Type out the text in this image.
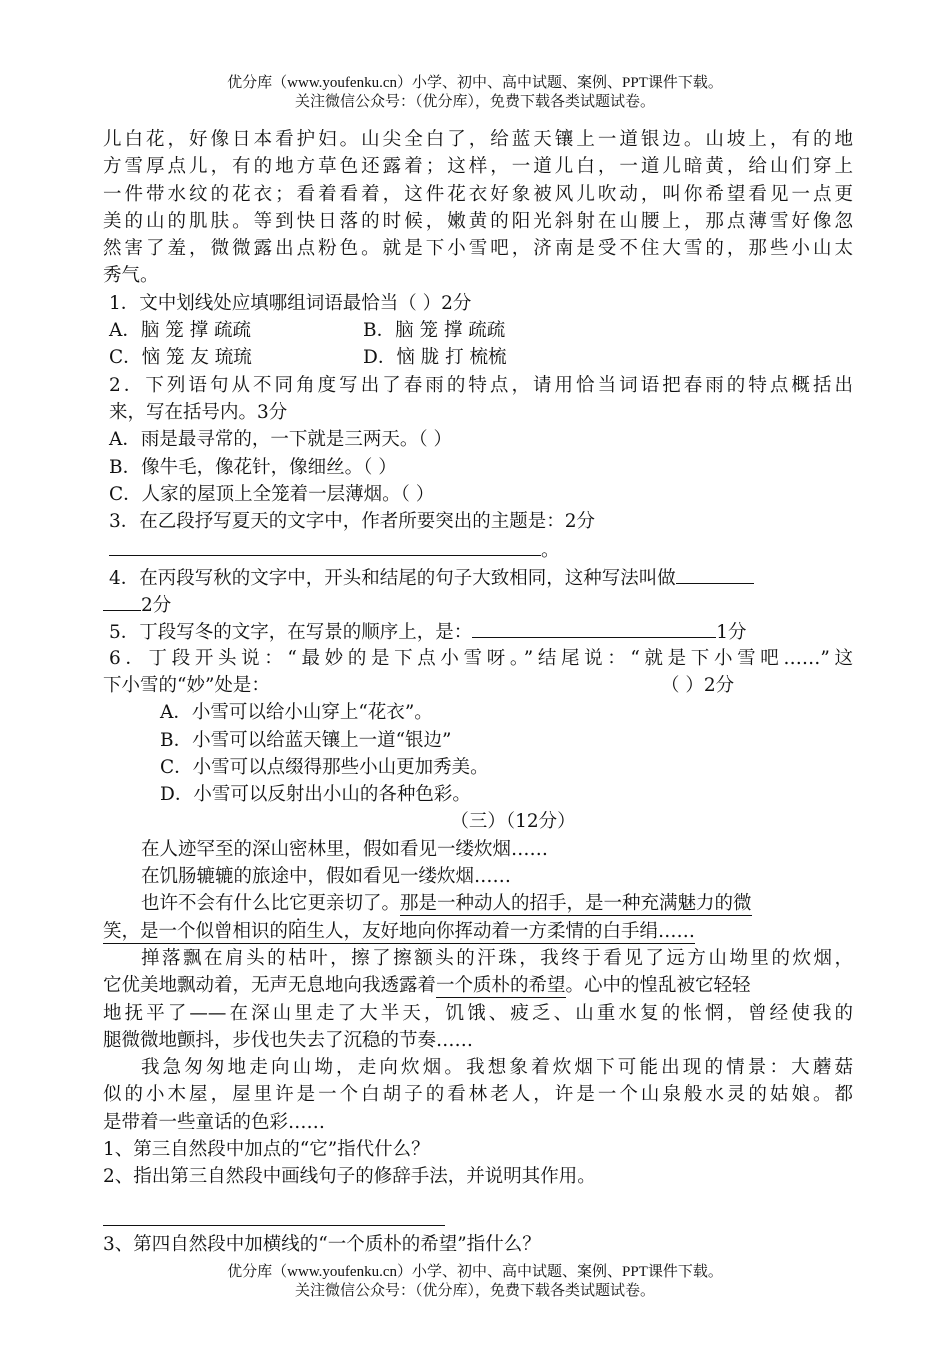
优分库（www.youfenku.cn）小学、初中、高中试题、案例、PPT课件下载。
关注微信公众号：（优分库），免费下载各类试题试卷。
儿白花，好像日本看护妇。山尖全白了，给蓝天镶上一道银边。山坡上，有的地
方雪厚点儿，有的地方草色还露着；这样，一道儿白，一道儿暗黄，给山们穿上
一件带水纹的花衣；看着看着，这件花衣好象被风儿吹动，叫你希望看见一点更
美的山的肌肤。等到快日落的时候，嫩黄的阳光斜射在山腰上，那点薄雪好像忽
然害了羞，微微露出点粉色。就是下小雪吧，济南是受不住大雪的，那些小山太
秀气。
1．文中划线处应填哪组词语最恰当（ ）2分
A．脑 笼 撑 疏疏	B．脑 笼 撑 疏疏
C．恼 笼 友 琉琉	D．恼 胧 打 梳梳
2．下列语句从不同角度写出了春雨的特点，请用恰当词语把春雨的特点概括出
来，写在括号内。3分
A．雨是最寻常的，一下就是三两天。（ ）
B．像牛毛，像花针，像细丝。（ ）
C．人家的屋顶上全笼着一层薄烟。（ ）
3．在乙段抒写夏天的文字中，作者所要突出的主题是：2分
。
4．在丙段写秋的文字中，开头和结尾的句子大致相同，这种写法叫做
2分
5．丁段写冬的文字，在写景的顺序上，是：	1分
6．丁段开头说：“最妙的是下点小雪呀。”结尾说：“就是下小雪吧……”这
下小雪的“妙”处是：	（ ）2分
A．小雪可以给小山穿上“花衣”。
B．小雪可以给蓝天镶上一道“银边”
C．小雪可以点缀得那些小山更加秀美。
D．小雪可以反射出小山的各种色彩。
（三）（12分）
在人迹罕至的深山密林里，假如看见一缕炊烟……
在饥肠辘辘的旅途中，假如看见一缕炊烟……
也许不会有什么比它更亲切了。那是一种动人的招手，是一种充满魅力的微
笑，是一个似曾相识的陌生人，友好地向你挥动着一方柔情的白手绢……
掸落飘在肩头的枯叶，擦了擦额头的汗珠，我终于看见了远方山坳里的炊烟，
它优美地飘动着，无声无息地向我透露着一个质朴的希望。心中的惶乱被它轻轻
地抚平了——在深山里走了大半天，饥饿、疲乏、山重水复的怅惘，曾经使我的
腿微微地颤抖，步伐也失去了沉稳的节奏……
我急匆匆地走向山坳，走向炊烟。我想象着炊烟下可能出现的情景：大蘑菇
似的小木屋，屋里许是一个白胡子的看林老人，许是一个山泉般水灵的姑娘。都
是带着一些童话的色彩……
1、第三自然段中加点的“它”指代什么？
2、指出第三自然段中画线句子的修辞手法，并说明其作用。
3、第四自然段中加横线的“一个质朴的希望”指什么？
优分库（www.youfenku.cn）小学、初中、高中试题、案例、PPT课件下载。
关注微信公众号：（优分库），免费下载各类试题试卷。
